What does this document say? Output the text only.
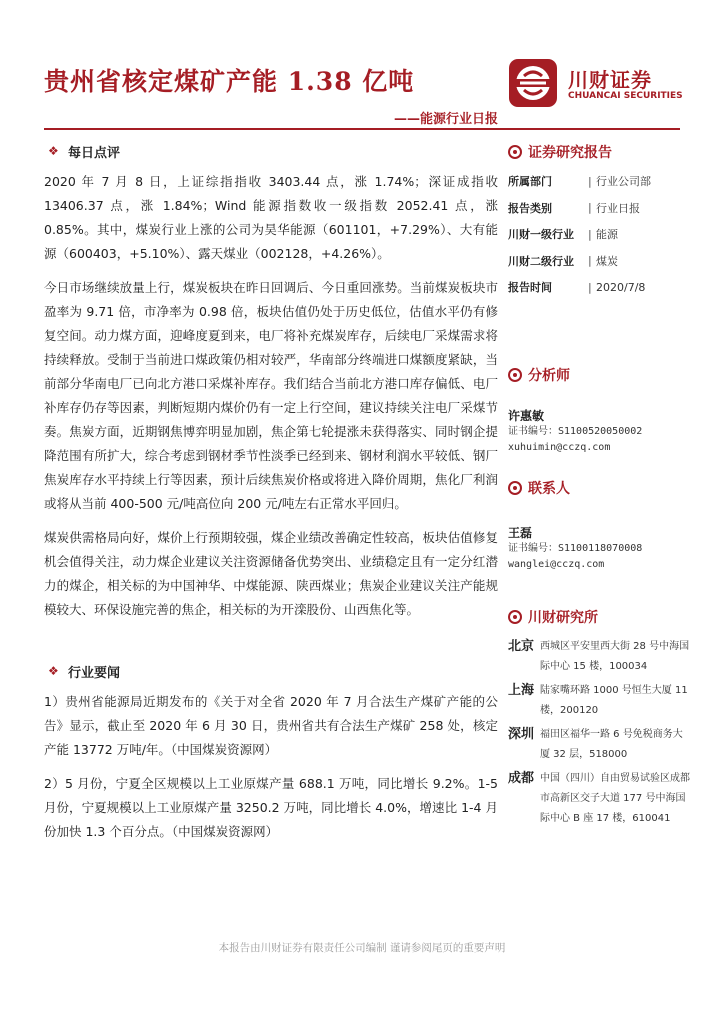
贵州省核定煤矿产能 1.38 亿吨	川财证券
CHUANCAI SECURITIES
——能源行业日报
❖ 每日点评

2020 年 7 月 8 日，上证综指指收 3403.44 点，涨 1.74%；深证成指收 13406.37 点，涨 1.84%；Wind 能源指数收一级指数 2052.41 点，涨 0.85%。其中，煤炭行业上涨的公司为昊华能源（601101，+7.29%）、大有能源（600403，+5.10%）、露天煤业（002128，+4.26%）。

今日市场继续放量上行，煤炭板块在昨日回调后、今日重回涨势。当前煤炭板块市盈率为 9.71 倍，市净率为 0.98 倍，板块估值仍处于历史低位，估值水平仍有修复空间。动力煤方面，迎峰度夏到来，电厂将补充煤炭库存，后续电厂采煤需求将持续释放。受制于当前进口煤政策仍相对较严，华南部分终端进口煤额度紧缺，当前部分华南电厂已向北方港口采煤补库存。我们结合当前北方港口库存偏低、电厂补库存仍存等因素，判断短期内煤价仍有一定上行空间，建议持续关注电厂采煤节奏。焦炭方面，近期钢焦博弈明显加剧，焦企第七轮提涨未获得落实、同时钢企提降范围有所扩大，综合考虑到钢材季节性淡季已经到来、钢材利润水平较低、钢厂焦炭库存水平持续上行等因素，预计后续焦炭价格或将进入降价周期，焦化厂利润或将从当前 400-500 元/吨高位向 200 元/吨左右正常水平回归。

煤炭供需格局向好，煤价上行预期较强，煤企业绩改善确定性较高，板块估值修复机会值得关注，动力煤企业建议关注资源储备优势突出、业绩稳定且有一定分红潜力的煤企，相关标的为中国神华、中煤能源、陕西煤业；焦炭企业建议关注产能规模较大、环保设施完善的焦企，相关标的为开滦股份、山西焦化等。

❖ 行业要闻

1）贵州省能源局近期发布的《关于对全省 2020 年 7 月合法生产煤矿产能的公告》显示，截止至 2020 年 6 月 30 日，贵州省共有合法生产煤矿 258 处，核定产能 13772 万吨/年。（中国煤炭资源网）

2）5 月份，宁夏全区规模以上工业原煤产量 688.1 万吨，同比增长 9.2%。1-5 月份，宁夏规模以上工业原煤产量 3250.2 万吨，同比增长 4.0%，增速比 1-4 月份加快 1.3 个百分点。（中国煤炭资源网）

证券研究报告
所属部门	| 行业公司部
报告类别	| 行业日报
川财一级行业	| 能源
川财二级行业	| 煤炭
报告时间	| 2020/7/8
分析师
许惠敏
证书编号：S1100520050002
xuhuimin@cczq.com
联系人
王磊
证书编号：S1100118070008
wanglei@cczq.com
川财研究所
北京 西城区平安里西大街 28 号中海国际中心 15 楼，100034
上海 陆家嘴环路 1000 号恒生大厦 11 楼，200120
深圳 福田区福华一路 6 号免税商务大厦 32 层，518000
成都 中国（四川）自由贸易试验区成都市高新区交子大道 177 号中海国际中心 B 座 17 楼，610041
本报告由川财证券有限责任公司编制 谨请参阅尾页的重要声明
